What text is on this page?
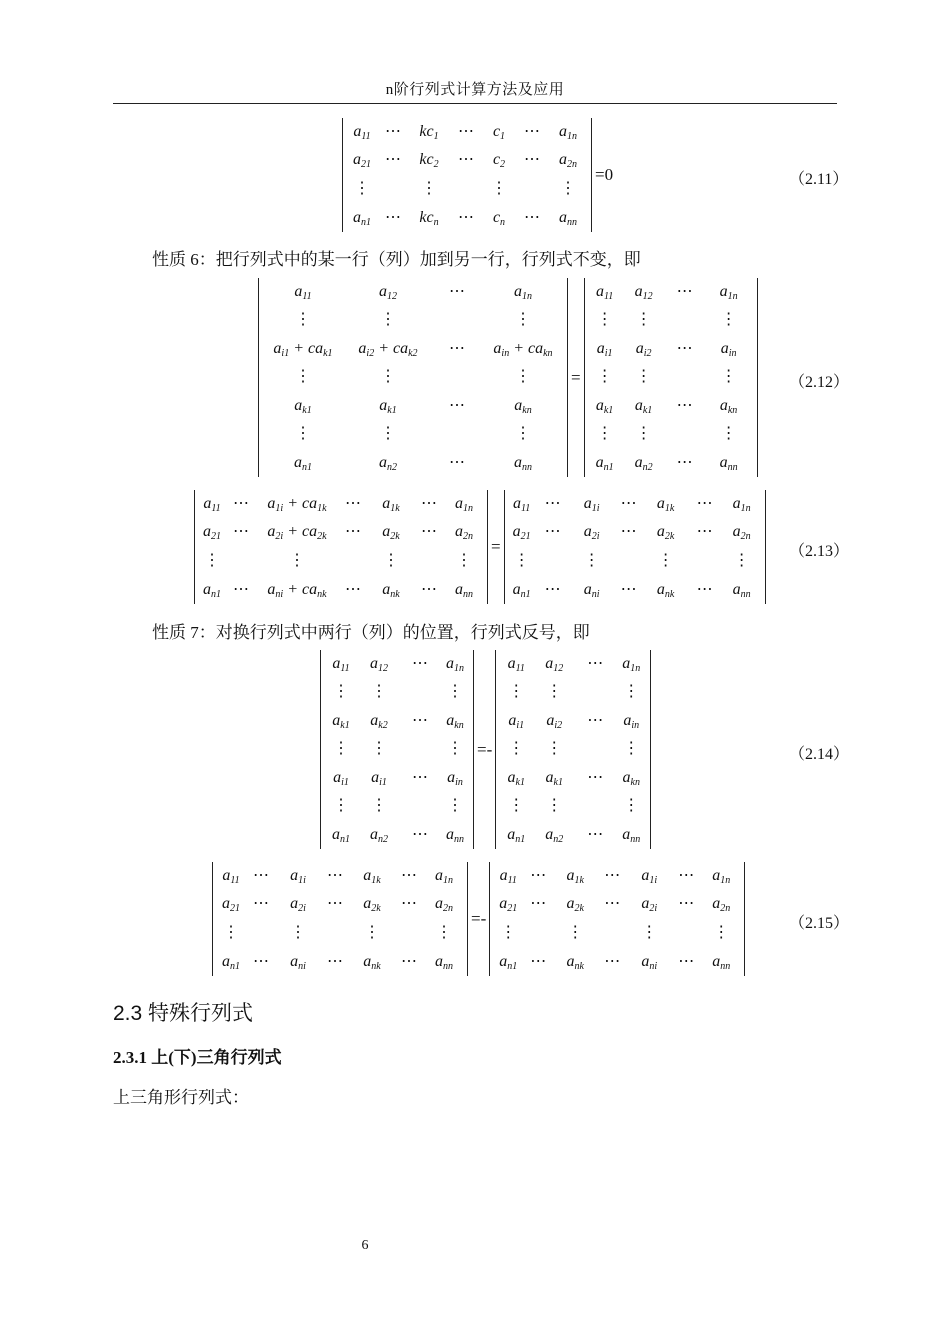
n阶行列式计算方法及应用
$a_{11}$ ⋯	$kc_1$	⋯	$c_1$	⋯	$a_{1n}$
$a_{21}$ ⋯	$kc_2$	⋯	$c_2$	⋯	$a_{2n}$
⋮	⋮	⋮	⋮
$a_{n1}$ ⋯	$kc_n$	⋯	$c_n$	⋯	$a_{nn}$
=0	（2.11）
性质 6：把行列式中的某一行（列）加到另一行，行列式不变，即
$a_{11}$	$a_{12}$	⋯	$a_{1n}$
⋮	⋮	⋮
$a_{i1} + ca_{k1}$	$a_{i2} + ca_{k2}$	⋯	$a_{in} + ca_{kn}$
⋮	⋮	⋮
$a_{k1}$	$a_{k1}$	⋯	$a_{kn}$
⋮	⋮	⋮
$a_{n1}$	$a_{n2}$	⋯	$a_{nn}$
=
$a_{11}$	$a_{12}$	⋯	$a_{1n}$
⋮	⋮	⋮
$a_{i1}$	$a_{i2}$	⋯	$a_{in}$
⋮	⋮	⋮
$a_{k1}$	$a_{k1}$	⋯	$a_{kn}$
⋮	⋮	⋮
$a_{n1}$	$a_{n2}$	⋯	$a_{nn}$
（2.12）
$a_{11}$ ⋯	$a_{1i} + ca_{1k}$	⋯	$a_{1k}$	⋯	$a_{1n}$
$a_{21}$ ⋯	$a_{2i} + ca_{2k}$	⋯	$a_{2k}$	⋯	$a_{2n}$
⋮	⋮	⋮	⋮
$a_{n1}$ ⋯	$a_{ni} + ca_{nk}$	⋯	$a_{nk}$	⋯	$a_{nn}$
=
$a_{11}$ ⋯	$a_{1i}$	⋯	$a_{1k}$	⋯	$a_{1n}$
$a_{21}$ ⋯	$a_{2i}$	⋯	$a_{2k}$	⋯	$a_{2n}$
⋮	⋮	⋮	⋮
$a_{n1}$ ⋯	$a_{ni}$	⋯	$a_{nk}$	⋯	$a_{nn}$
（2.13）
性质 7：对换行列式中两行（列）的位置，行列式反号，即
$a_{11}$	$a_{12}$	⋯	$a_{1n}$
⋮	⋮	⋮
$a_{k1}$	$a_{k2}$	⋯	$a_{kn}$
⋮	⋮	⋮
$a_{i1}$	$a_{i1}$	⋯	$a_{in}$
⋮	⋮	⋮
$a_{n1}$	$a_{n2}$	⋯	$a_{nn}$
=-
$a_{11}$	$a_{12}$	⋯	$a_{1n}$
⋮	⋮	⋮
$a_{i1}$	$a_{i2}$	⋯	$a_{in}$
⋮	⋮	⋮
$a_{k1}$	$a_{k1}$	⋯	$a_{kn}$
⋮	⋮	⋮
$a_{n1}$	$a_{n2}$	⋯	$a_{nn}$
（2.14）
$a_{11}$ ⋯	$a_{1i}$	⋯	$a_{1k}$	⋯	$a_{1n}$
$a_{21}$ ⋯	$a_{2i}$	⋯	$a_{2k}$	⋯	$a_{2n}$
⋮	⋮	⋮	⋮
$a_{n1}$ ⋯	$a_{ni}$	⋯	$a_{nk}$	⋯	$a_{nn}$
=-
$a_{11}$ ⋯	$a_{1k}$	⋯	$a_{1i}$	⋯	$a_{1n}$
$a_{21}$ ⋯	$a_{2k}$	⋯	$a_{2i}$	⋯	$a_{2n}$
⋮	⋮	⋮	⋮
$a_{n1}$ ⋯	$a_{nk}$	⋯	$a_{ni}$	⋯	$a_{nn}$
（2.15）
2.3 特殊行列式
2.3.1 上(下)三角行列式
上三角形行列式：
6
